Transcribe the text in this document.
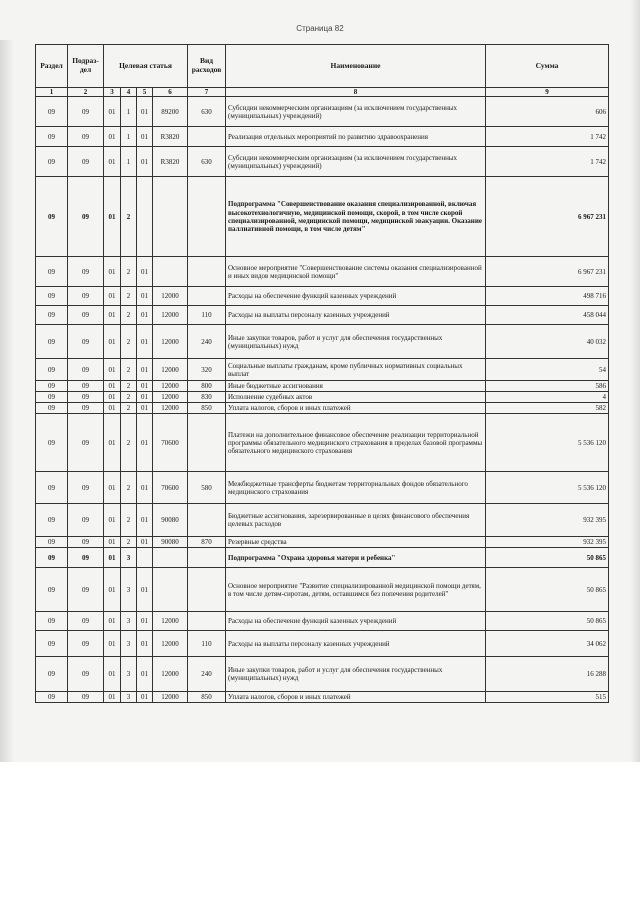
Страница 82
Раздел	Подраз-дел	Целевая статья				Вид расходов	Наименование	Сумма
1	2	3	4	5	6	7	8	9
09	09	01	1	01	89200	630	Субсидии некоммерческим организациям (за исключением государственных (муниципальных) учреждений)	606
09	09	01	1	01	R3820		Реализация отдельных мероприятий по развитию здравоохранения	1 742
09	09	01	1	01	R3820	630	Субсидии некоммерческим организациям (за исключением государственных (муниципальных) учреждений)	1 742
09	09	01	2				Подпрограмма "Совершенствование оказания специализированной, включая высокотехнологичную, медицинской помощи, скорой, в том числе скорой специализированной, медицинской помощи, медицинской эвакуации. Оказание паллиативной помощи, в том числе детям"	6 967 231
09	09	01	2	01			Основное мероприятие "Совершенствование системы оказания специализированной и иных видов медицинской помощи"	6 967 231
09	09	01	2	01	12000		Расходы на обеспечение функций казенных учреждений	498 716
09	09	01	2	01	12000	110	Расходы на выплаты персоналу казенных учреждений	458 044
09	09	01	2	01	12000	240	Иные закупки товаров, работ и услуг для обеспечения государственных (муниципальных) нужд	40 032
09	09	01	2	01	12000	320	Социальные выплаты гражданам, кроме публичных нормативных социальных выплат	54
09	09	01	2	01	12000	800	Иные бюджетные ассигнования	586
09	09	01	2	01	12000	830	Исполнение судебных актов	4
09	09	01	2	01	12000	850	Уплата налогов, сборов и иных платежей	582
09	09	01	2	01	70600		Платежи на дополнительное финансовое обеспечение реализации территориальной программы обязательного медицинского страхования в пределах базовой программы обязательного медицинского страхования	5 536 120
09	09	01	2	01	70600	580	Межбюджетные трансферты бюджетам территориальных фондов обязательного медицинского страхования	5 536 120
09	09	01	2	01	90080		Бюджетные ассигнования, зарезервированные в целях финансового обеспечения целевых расходов	932 395
09	09	01	2	01	90080	870	Резервные средства	932 395
09	09	01	3				Подпрограмма "Охрана здоровья матери и ребенка"	50 865
09	09	01	3	01			Основное мероприятие "Развитие специализированной медицинской помощи детям, в том числе детям-сиротам, детям, оставшимся без попечения родителей"	50 865
09	09	01	3	01	12000		Расходы на обеспечение функций казенных учреждений	50 865
09	09	01	3	01	12000	110	Расходы на выплаты персоналу казенных учреждений	34 062
09	09	01	3	01	12000	240	Иные закупки товаров, работ и услуг для обеспечения государственных (муниципальных) нужд	16 288
09	09	01	3	01	12000	850	Уплата налогов, сборов и иных платежей	515
